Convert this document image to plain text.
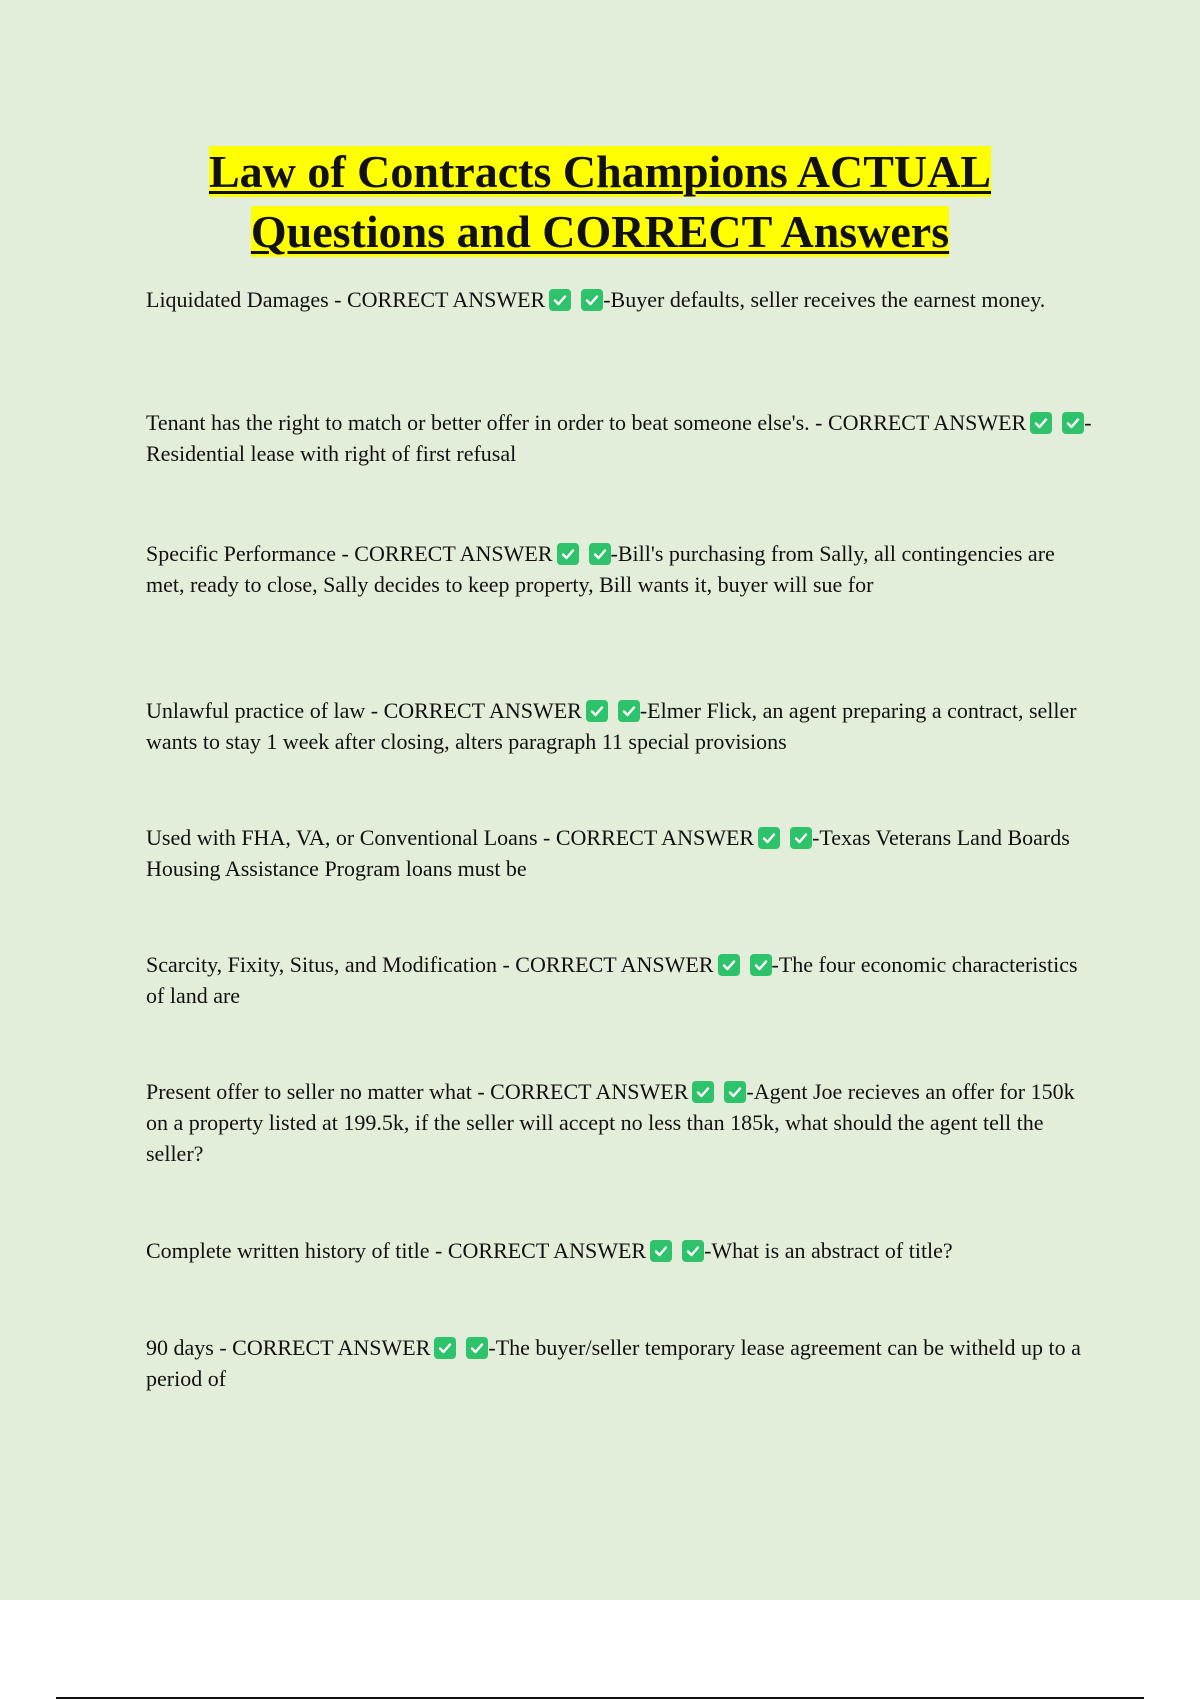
Law of Contracts Champions ACTUAL
Questions and CORRECT Answers

Liquidated Damages - CORRECT ANSWER	-Buyer defaults, seller receives the earnest money.

Tenant has the right to match or better offer in order to beat someone else's. - CORRECT ANSWER	-Residential lease with right of first refusal

Specific Performance - CORRECT ANSWER	-Bill's purchasing from Sally, all contingencies are met, ready to close, Sally decides to keep property, Bill wants it, buyer will sue for

Unlawful practice of law - CORRECT ANSWER	-Elmer Flick, an agent preparing a contract, seller wants to stay 1 week after closing, alters paragraph 11 special provisions

Used with FHA, VA, or Conventional Loans - CORRECT ANSWER	-Texas Veterans Land Boards Housing Assistance Program loans must be

Scarcity, Fixity, Situs, and Modification - CORRECT ANSWER	-The four economic characteristics of land are

Present offer to seller no matter what - CORRECT ANSWER	-Agent Joe recieves an offer for 150k on a property listed at 199.5k, if the seller will accept no less than 185k, what should the agent tell the seller?

Complete written history of title - CORRECT ANSWER	-What is an abstract of title?

90 days - CORRECT ANSWER	-The buyer/seller temporary lease agreement can be witheld up to a period of
